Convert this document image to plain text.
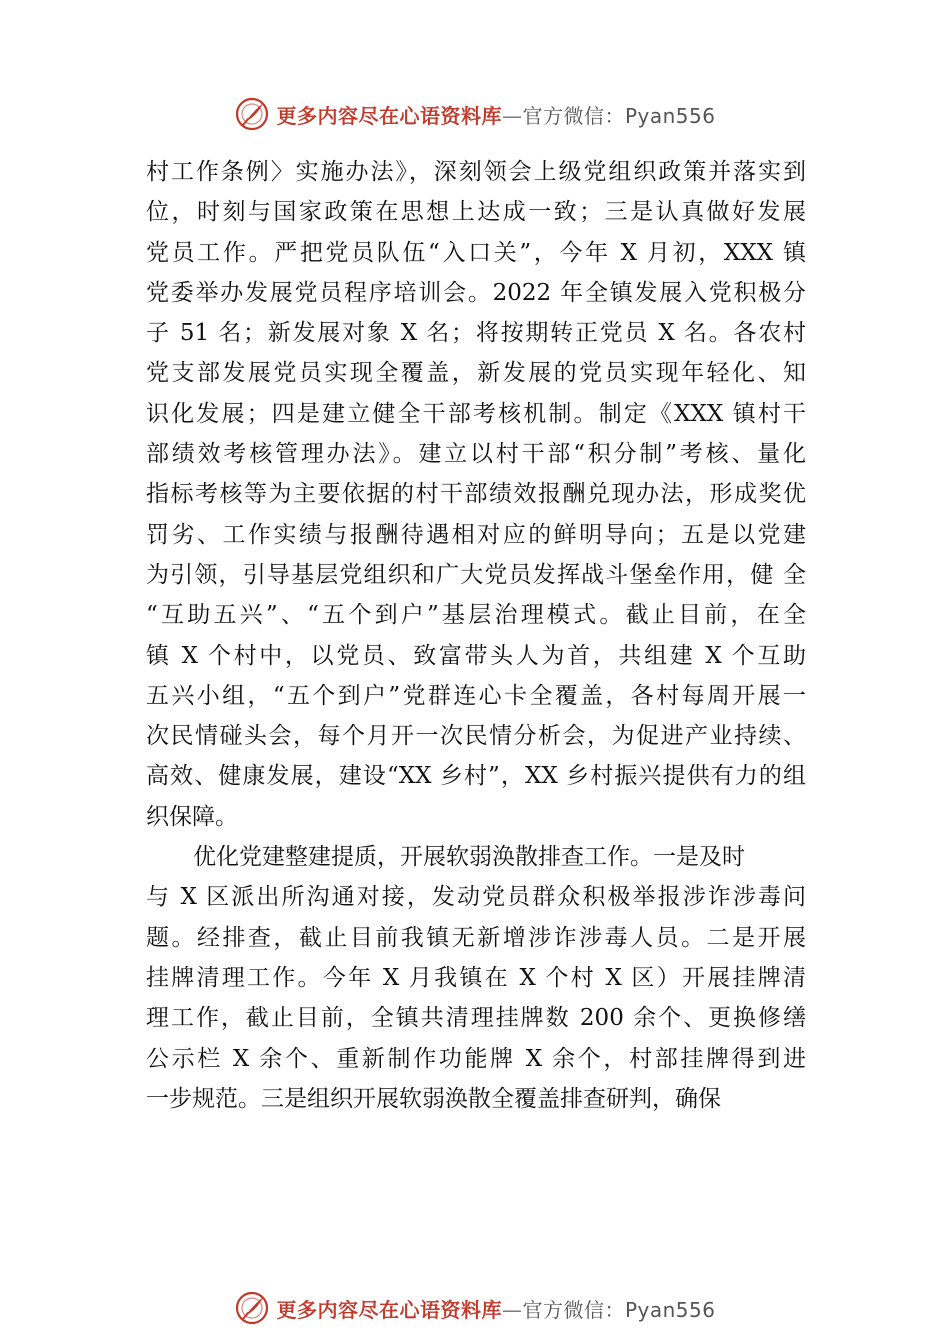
更多内容尽在心语资料库—官方微信：Pyan556
村工作条例〉实施办法》，深刻领会上级党组织政策并落实到
位，时刻与国家政策在思想上达成一致；三是认真做好发展
党员工作。严把党员队伍“入口关”，今年 X 月初，XXX 镇
党委举办发展党员程序培训会。2022 年全镇发展入党积极分
子 51 名；新发展对象 X 名；将按期转正党员 X 名。各农村
党支部发展党员实现全覆盖，新发展的党员实现年轻化、知
识化发展；四是建立健全干部考核机制。制定《XXX 镇村干
部绩效考核管理办法》。建立以村干部“积分制”考核、量化
指标考核等为主要依据的村干部绩效报酬兑现办法，形成奖优
罚劣、工作实绩与报酬待遇相对应的鲜明导向；五是以党建
为引领，引导基层党组织和广大党员发挥战斗堡垒作用，健 全
“互助五兴”、“五个到户”基层治理模式。截止目前，在全
镇 X 个村中，以党员、致富带头人为首，共组建 X 个互助
五兴小组，“五个到户”党群连心卡全覆盖，各村每周开展一
次民情碰头会，每个月开一次民情分析会，为促进产业持续、
高效、健康发展，建设“XX 乡村”，XX 乡村振兴提供有力的组
织保障。
优化党建整建提质，开展软弱涣散排查工作。一是及时
与 X 区派出所沟通对接，发动党员群众积极举报涉诈涉毒问
题。经排查，截止目前我镇无新增涉诈涉毒人员。二是开展
挂牌清理工作。今年 X 月我镇在 X 个村 X 区）开展挂牌清
理工作，截止目前，全镇共清理挂牌数 200 余个、更换修缮
公示栏 X 余个、重新制作功能牌 X 余个，村部挂牌得到进
一步规范。三是组织开展软弱涣散全覆盖排查研判，确保
更多内容尽在心语资料库—官方微信：Pyan556
